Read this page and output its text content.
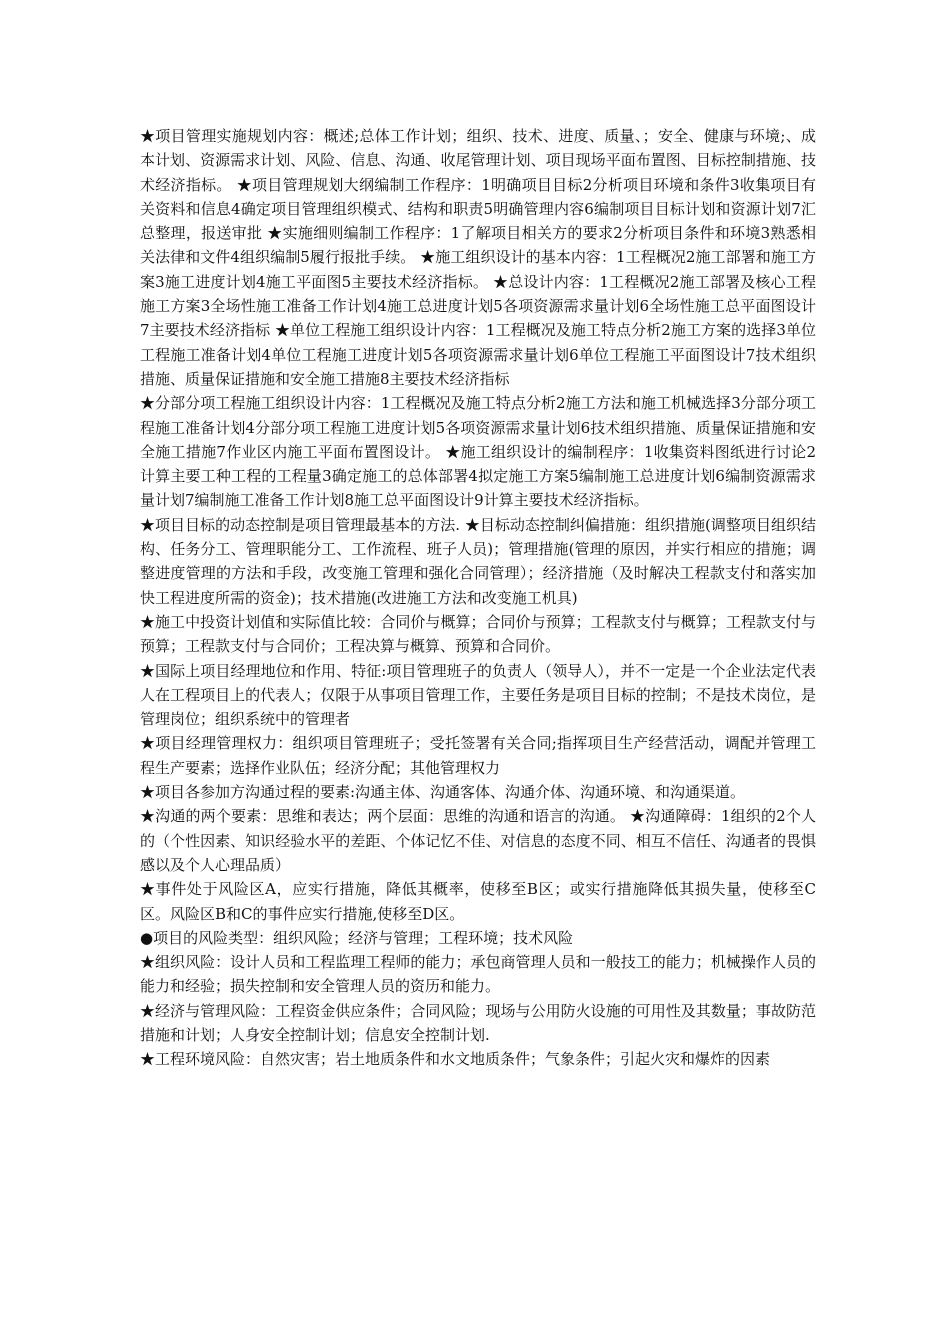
★项目管理实施规划内容：概述;总体工作计划；组织、技术、进度、质量、；安全、健康与环境;、成本计划、资源需求计划、风险、信息、沟通、收尾管理计划、项目现场平面布置图、目标控制措施、技术经济指标。 ★项目管理规划大纲编制工作程序：1明确项目目标2分析项目环境和条件3收集项目有关资料和信息4确定项目管理组织模式、结构和职责5明确管理内容6编制项目目标计划和资源计划7汇总整理，报送审批 ★实施细则编制工作程序：1了解项目相关方的要求2分析项目条件和环境3熟悉相关法律和文件4组织编制5履行报批手续。 ★施工组织设计的基本内容：1工程概况2施工部署和施工方案3施工进度计划4施工平面图5主要技术经济指标。 ★总设计内容：1工程概况2施工部署及核心工程施工方案3全场性施工准备工作计划4施工总进度计划5各项资源需求量计划6全场性施工总平面图设计7主要技术经济指标 ★单位工程施工组织设计内容：1工程概况及施工特点分析2施工方案的选择3单位工程施工准备计划4单位工程施工进度计划5各项资源需求量计划6单位工程施工平面图设计7技术组织措施、质量保证措施和安全施工措施8主要技术经济指标

★分部分项工程施工组织设计内容：1工程概况及施工特点分析2施工方法和施工机械选择3分部分项工程施工准备计划4分部分项工程施工进度计划5各项资源需求量计划6技术组织措施、质量保证措施和安全施工措施7作业区内施工平面布置图设计。 ★施工组织设计的编制程序：1收集资料图纸进行讨论2计算主要工种工程的工程量3确定施工的总体部署4拟定施工方案5编制施工总进度计划6编制资源需求量计划7编制施工准备工作计划8施工总平面图设计9计算主要技术经济指标。

★项目目标的动态控制是项目管理最基本的方法. ★目标动态控制纠偏措施：组织措施(调整项目组织结构、任务分工、管理职能分工、工作流程、班子人员)；管理措施(管理的原因，并实行相应的措施；调整进度管理的方法和手段，改变施工管理和强化合同管理）；经济措施（及时解决工程款支付和落实加快工程进度所需的资金)；技术措施(改进施工方法和改变施工机具)

★施工中投资计划值和实际值比较：合同价与概算；合同价与预算；工程款支付与概算；工程款支付与预算；工程款支付与合同价；工程决算与概算、预算和合同价。

★国际上项目经理地位和作用、特征:项目管理班子的负责人（领导人），并不一定是一个企业法定代表人在工程项目上的代表人；仅限于从事项目管理工作，主要任务是项目目标的控制；不是技术岗位，是管理岗位；组织系统中的管理者

★项目经理管理权力：组织项目管理班子；受托签署有关合同;指挥项目生产经营活动，调配并管理工程生产要素；选择作业队伍；经济分配；其他管理权力

★项目各参加方沟通过程的要素:沟通主体、沟通客体、沟通介体、沟通环境、和沟通渠道。

★沟通的两个要素：思维和表达；两个层面：思维的沟通和语言的沟通。 ★沟通障碍：1组织的2个人的（个性因素、知识经验水平的差距、个体记忆不佳、对信息的态度不同、相互不信任、沟通者的畏惧感以及个人心理品质）

★事件处于风险区A，应实行措施，降低其概率，使移至B区；或实行措施降低其损失量，使移至C区。风险区B和C的事件应实行措施,使移至D区。

●项目的风险类型：组织风险；经济与管理；工程环境；技术风险

★组织风险：设计人员和工程监理工程师的能力；承包商管理人员和一般技工的能力；机械操作人员的能力和经验；损失控制和安全管理人员的资历和能力。

★经济与管理风险：工程资金供应条件；合同风险；现场与公用防火设施的可用性及其数量；事故防范措施和计划；人身安全控制计划；信息安全控制计划.

★工程环境风险：自然灾害；岩土地质条件和水文地质条件；气象条件；引起火灾和爆炸的因素
